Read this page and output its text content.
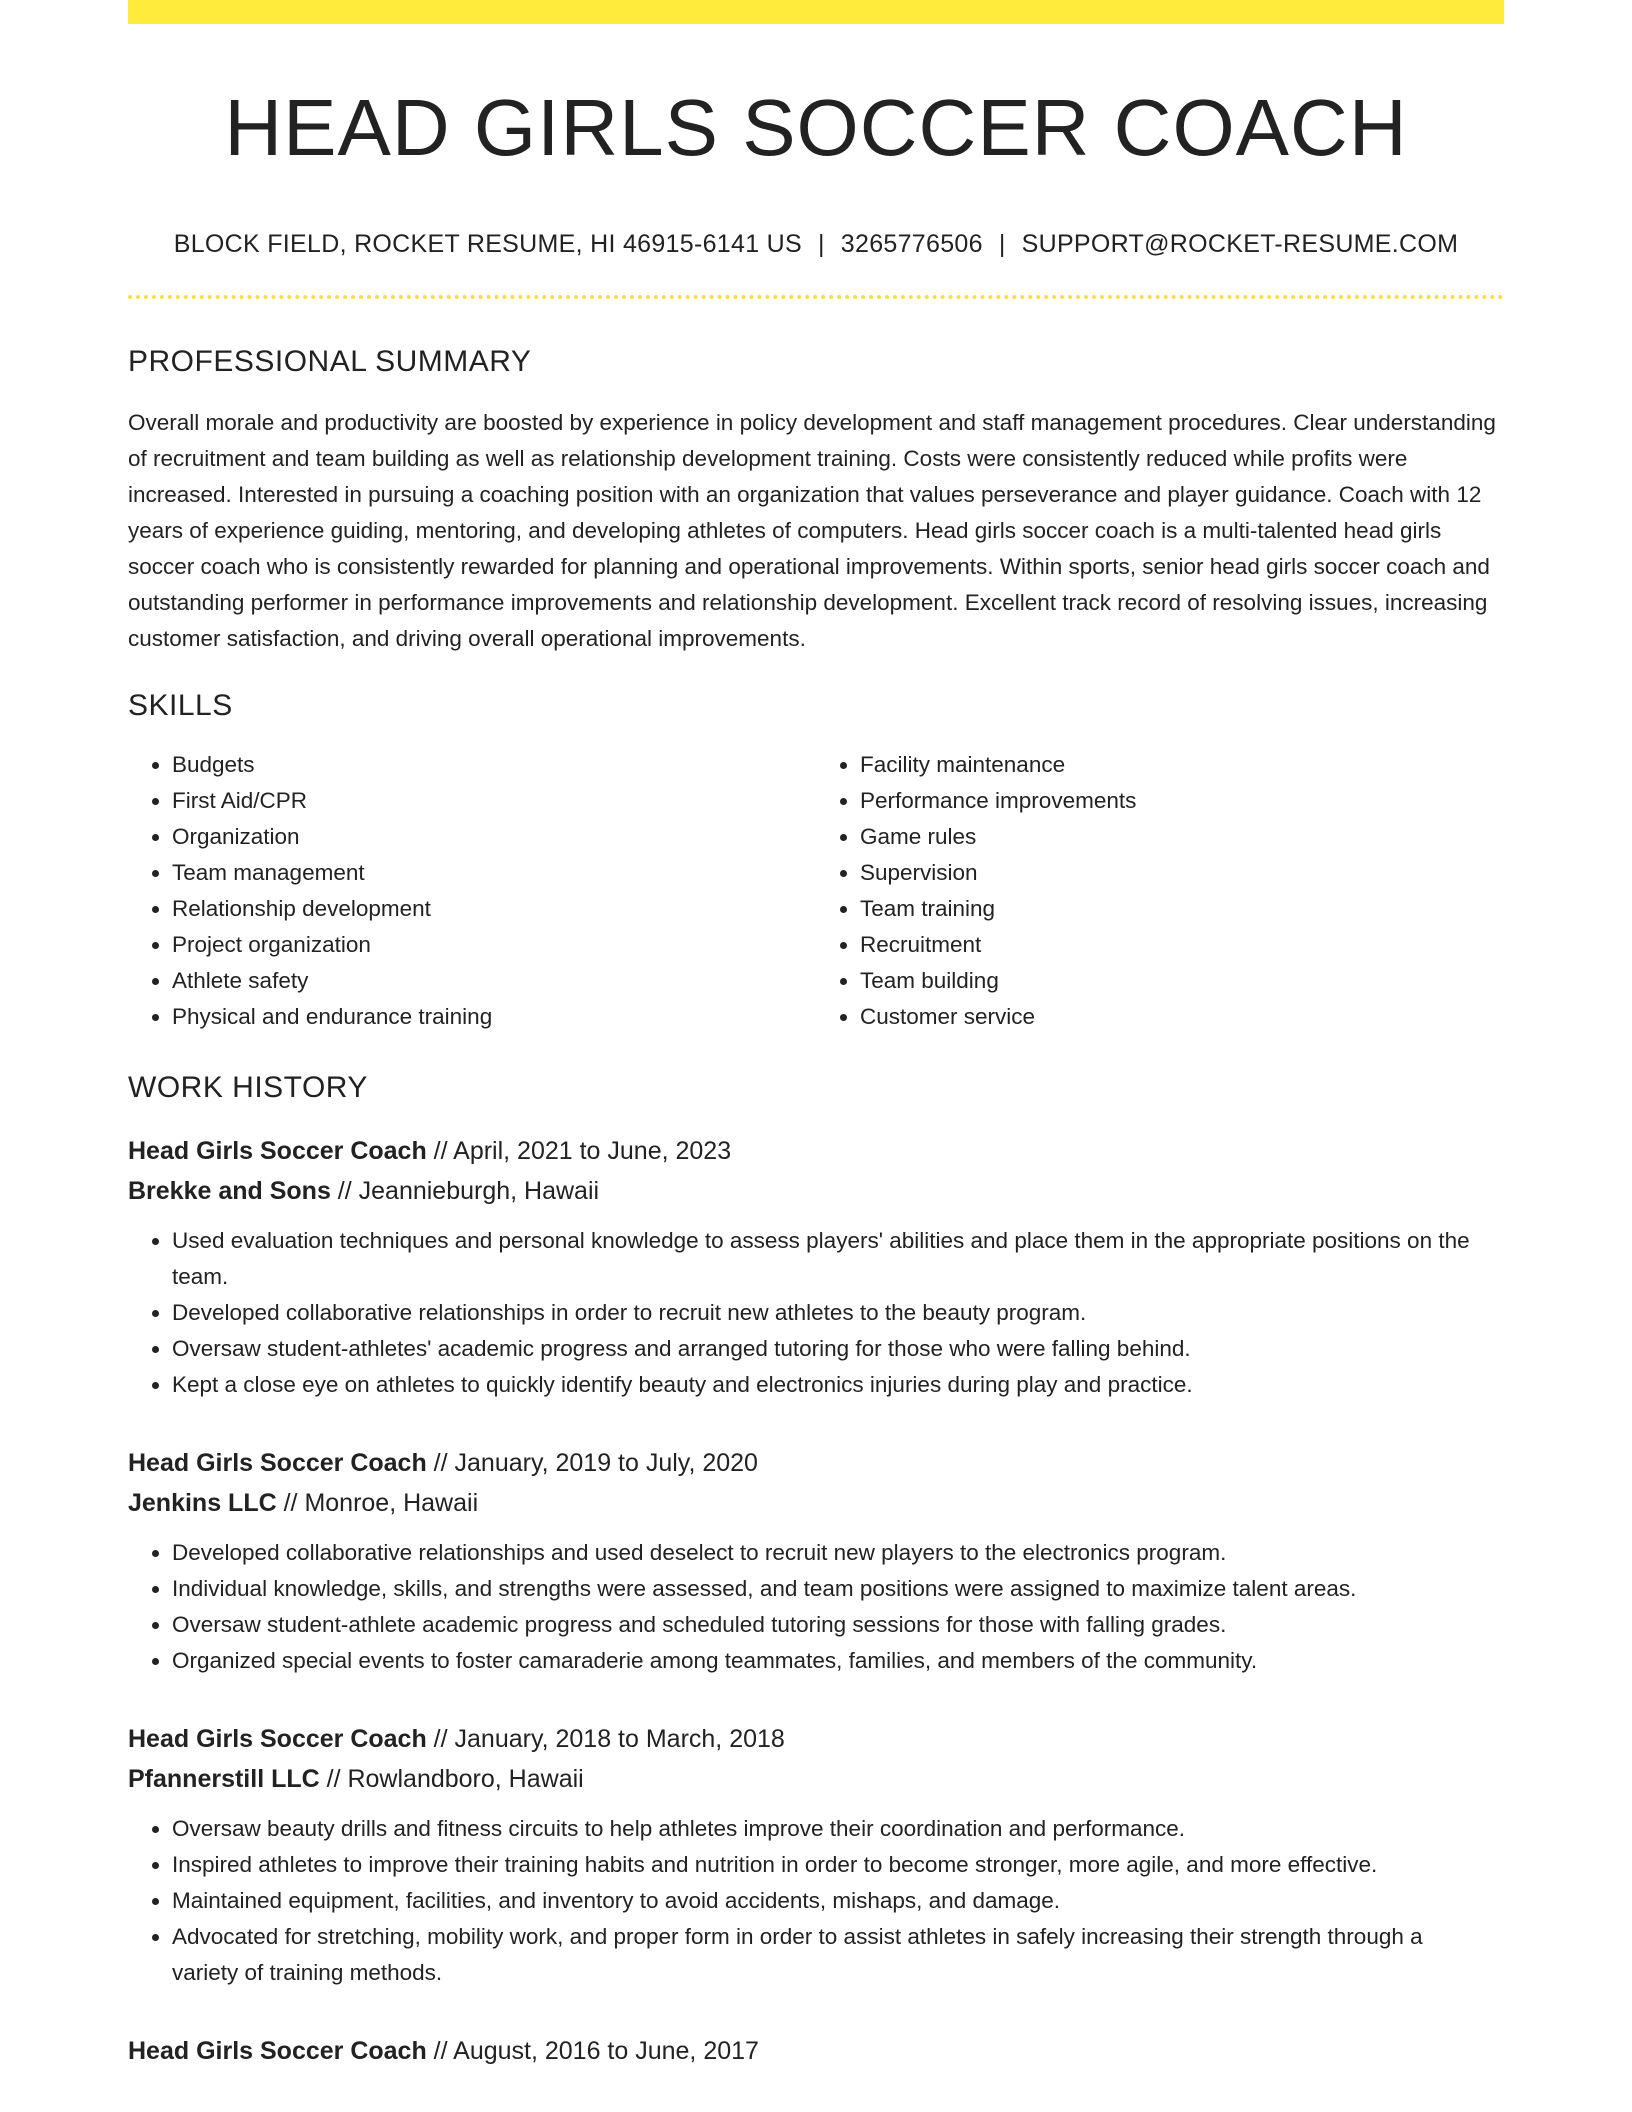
HEAD GIRLS SOCCER COACH
BLOCK FIELD, ROCKET RESUME, HI 46915-6141 US | 3265776506 | SUPPORT@ROCKET-RESUME.COM
PROFESSIONAL SUMMARY

Overall morale and productivity are boosted by experience in policy development and staff management procedures. Clear understanding of recruitment and team building as well as relationship development training. Costs were consistently reduced while profits were increased. Interested in pursuing a coaching position with an organization that values perseverance and player guidance. Coach with 12 years of experience guiding, mentoring, and developing athletes of computers. Head girls soccer coach is a multi-talented head girls soccer coach who is consistently rewarded for planning and operational improvements. Within sports, senior head girls soccer coach and outstanding performer in performance improvements and relationship development. Excellent track record of resolving issues, increasing customer satisfaction, and driving overall operational improvements.

SKILLS
• Budgets
• First Aid/CPR
• Organization
• Team management
• Relationship development
• Project organization
• Athlete safety
• Physical and endurance training
• Facility maintenance
• Performance improvements
• Game rules
• Supervision
• Team training
• Recruitment
• Team building
• Customer service
WORK HISTORY
Head Girls Soccer Coach // April, 2021 to June, 2023
Brekke and Sons // Jeannieburgh, Hawaii
• Used evaluation techniques and personal knowledge to assess players' abilities and place them in the appropriate positions on the team.
• Developed collaborative relationships in order to recruit new athletes to the beauty program.
• Oversaw student-athletes' academic progress and arranged tutoring for those who were falling behind.
• Kept a close eye on athletes to quickly identify beauty and electronics injuries during play and practice.
Head Girls Soccer Coach // January, 2019 to July, 2020
Jenkins LLC // Monroe, Hawaii
• Developed collaborative relationships and used deselect to recruit new players to the electronics program.
• Individual knowledge, skills, and strengths were assessed, and team positions were assigned to maximize talent areas.
• Oversaw student-athlete academic progress and scheduled tutoring sessions for those with falling grades.
• Organized special events to foster camaraderie among teammates, families, and members of the community.
Head Girls Soccer Coach // January, 2018 to March, 2018
Pfannerstill LLC // Rowlandboro, Hawaii
• Oversaw beauty drills and fitness circuits to help athletes improve their coordination and performance.
• Inspired athletes to improve their training habits and nutrition in order to become stronger, more agile, and more effective.
• Maintained equipment, facilities, and inventory to avoid accidents, mishaps, and damage.
• Advocated for stretching, mobility work, and proper form in order to assist athletes in safely increasing their strength through a variety of training methods.
Head Girls Soccer Coach // August, 2016 to June, 2017
